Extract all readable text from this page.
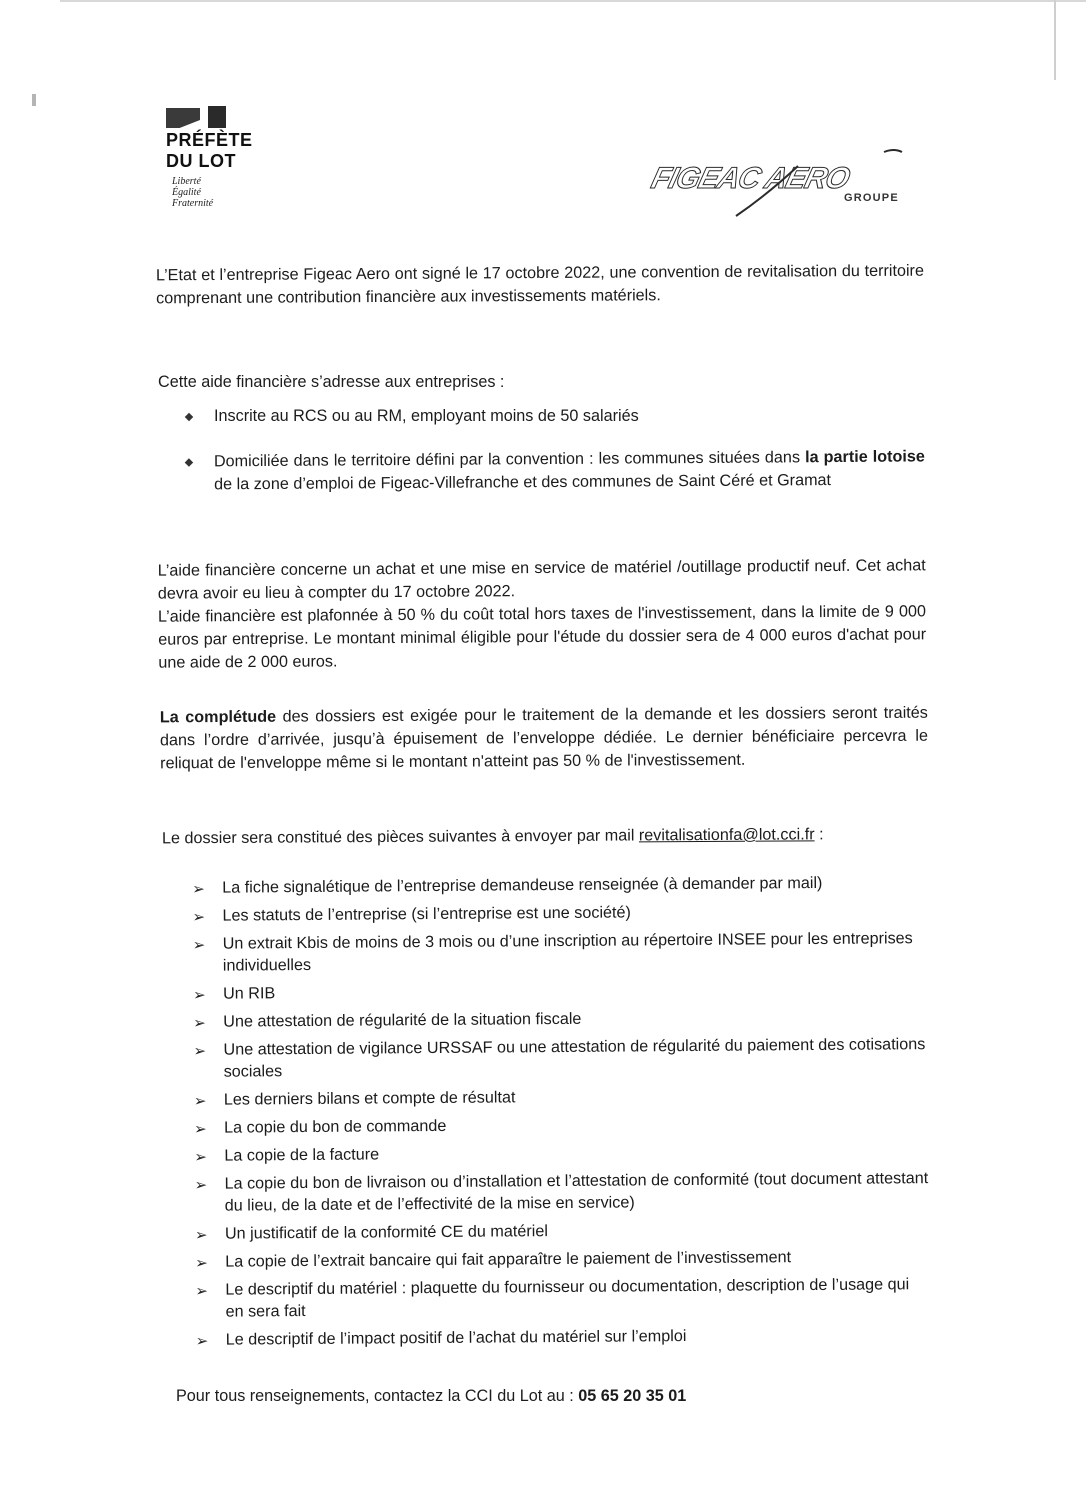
PRÉFÈTE
DU LOT
Liberté
Égalité
Fraternité
FIGEAC AERO
GROUPE
L’Etat et l’entreprise Figeac Aero ont signé le 17 octobre 2022, une convention de revitalisation du territoire comprenant une contribution financière aux investissements matériels.
Cette aide financière s’adresse aux entreprises :
Inscrite au RCS ou au RM, employant moins de 50 salariés
Domiciliée dans le territoire défini par la convention : les communes situées dans la partie lotoise de la zone d’emploi de Figeac-Villefranche et des communes de Saint Céré et Gramat
L’aide financière concerne un achat et une mise en service de matériel /outillage productif neuf. Cet achat devra avoir eu lieu à compter du 17 octobre 2022.
L’aide financière est plafonnée à 50 % du coût total hors taxes de l'investissement, dans la limite de 9 000 euros par entreprise. Le montant minimal éligible pour l'étude du dossier sera de 4 000 euros d'achat pour une aide de 2 000 euros.
La complétude des dossiers est exigée pour le traitement de la demande et les dossiers seront traités dans l’ordre d’arrivée, jusqu’à épuisement de l’enveloppe dédiée. Le dernier bénéficiaire percevra le reliquat de l'enveloppe même si le montant n'atteint pas 50 % de l'investissement.
Le dossier sera constitué des pièces suivantes à envoyer par mail revitalisationfa@lot.cci.fr :
➢ La fiche signalétique de l’entreprise demandeuse renseignée (à demander par mail)
➢ Les statuts de l’entreprise (si l’entreprise est une société)
➢ Un extrait Kbis de moins de 3 mois ou d’une inscription au répertoire INSEE pour les entreprises individuelles
➢ Un RIB
➢ Une attestation de régularité de la situation fiscale
➢ Une attestation de vigilance URSSAF ou une attestation de régularité du paiement des cotisations sociales
➢ Les derniers bilans et compte de résultat
➢ La copie du bon de commande
➢ La copie de la facture
➢ La copie du bon de livraison ou d’installation et l’attestation de conformité (tout document attestant du lieu, de la date et de l’effectivité de la mise en service)
➢ Un justificatif de la conformité CE du matériel
➢ La copie de l’extrait bancaire qui fait apparaître le paiement de l’investissement
➢ Le descriptif du matériel : plaquette du fournisseur ou documentation, description de l’usage qui en sera fait
➢ Le descriptif de l’impact positif de l’achat du matériel sur l’emploi
Pour tous renseignements, contactez la CCI du Lot au : 05 65 20 35 01
